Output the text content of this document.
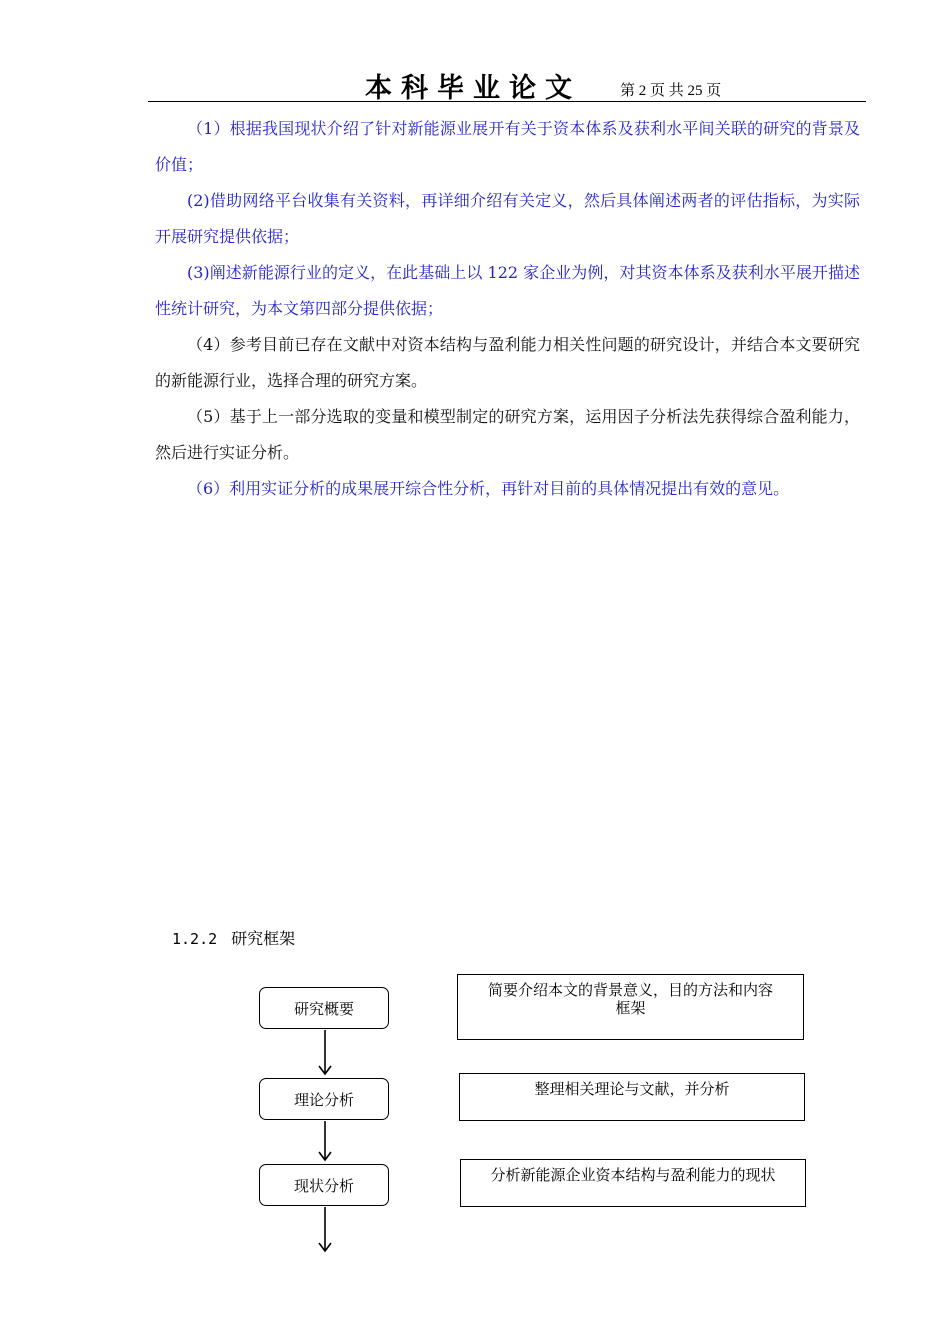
本科毕业论文	第 2 页 共 25 页

（1）根据我国现状介绍了针对新能源业展开有关于资本体系及获利水平间关联的研究的背景及价值；

(2)借助网络平台收集有关资料，再详细介绍有关定义，然后具体阐述两者的评估指标，为实际开展研究提供依据；

(3)阐述新能源行业的定义，在此基础上以 122 家企业为例，对其资本体系及获利水平展开描述性统计研究，为本文第四部分提供依据；

（4）参考目前已存在文献中对资本结构与盈利能力相关性问题的研究设计，并结合本文要研究的新能源行业，选择合理的研究方案。

（5）基于上一部分选取的变量和模型制定的研究方案，运用因子分析法先获得综合盈利能力，然后进行实证分析。

（6）利用实证分析的成果展开综合性分析，再针对目前的具体情况提出有效的意见。

1.2.2 研究框架
研究概要
理论分析
现状分析
简要介绍本文的背景意义，目的方法和内容框架
整理相关理论与文献，并分析
分析新能源企业资本结构与盈利能力的现状
